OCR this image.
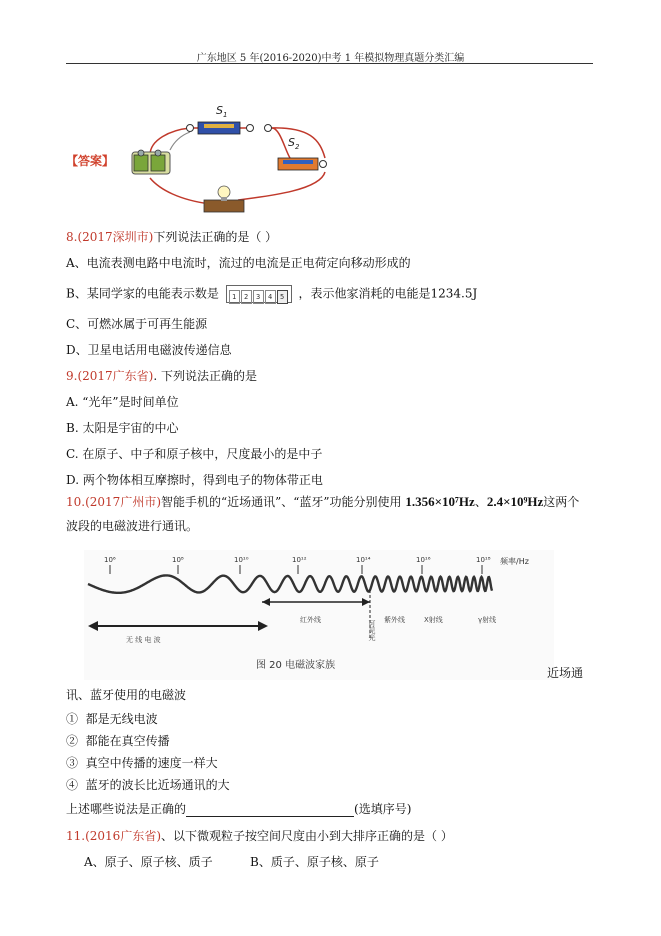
广东地区 5 年(2016-2020)中考 1 年模拟物理真题分类汇编
$S_1$
$S_2$
【答案】
8.(2017深圳市)下列说法正确的是（ ）
A、电流表测电路中电流时，流过的电流是正电荷定向移动形成的
B、某同学家的电能表示数是 1 2 3 4 5 ，表示他家消耗的电能是1234.5J
C、可燃冰属于可再生能源
D、卫星电话用电磁波传递信息
9.(2017广东省). 下列说法正确的是
A. “光年”是时间单位
B. 太阳是宇宙的中心
C. 在原子、中子和原子核中，尺度最小的是中子
D. 两个物体相互摩擦时，得到电子的物体带正电
10.(2017广州市)智能手机的“近场通讯”、“蓝牙”功能分别使用 1.356×10⁷Hz、2.4×10⁹Hz这两个
波段的电磁波进行通讯。
10⁶	10⁸	10¹⁰	10¹²	10¹⁴	10¹⁶	10¹⁸ 频率/Hz
无 线 电 波
红外线	可见光 紫外线	X射线	γ射线
图 20 电磁波家族
近场通
讯、蓝牙使用的电磁波
① 都是无线电波
② 都能在真空传播
③ 真空中传播的速度一样大
④ 蓝牙的波长比近场通讯的大
上述哪些说法是正确的	(选填序号)
11.(2016广东省)、以下微观粒子按空间尺度由小到大排序正确的是（ ）
A、原子、原子核、质子	B、质子、原子核、原子
